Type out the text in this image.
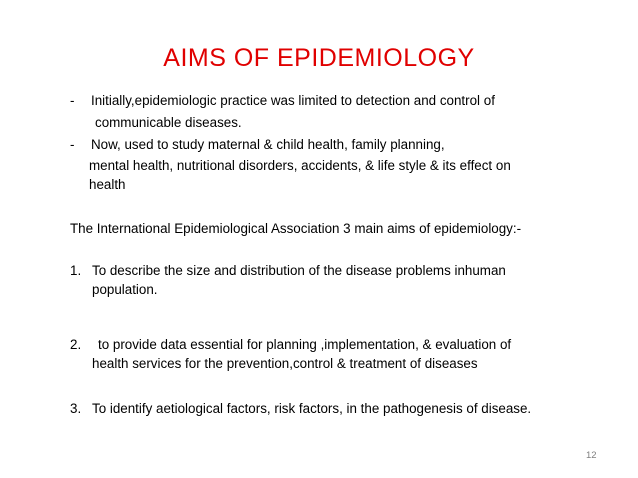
AIMS OF EPIDEMIOLOGY
- Initially,epidemiologic practice was limited to detection and control of
communicable diseases.
- Now, used to study maternal & child health, family planning,
mental health, nutritional disorders, accidents, & life style & its effect on
health
The International Epidemiological Association 3 main aims of epidemiology:-
1. To describe the size and distribution of the disease problems inhuman
population.
2. to provide data essential for planning ,implementation, & evaluation of
health services for the prevention,control & treatment of diseases
3. To identify aetiological factors, risk factors, in the pathogenesis of disease.
12
